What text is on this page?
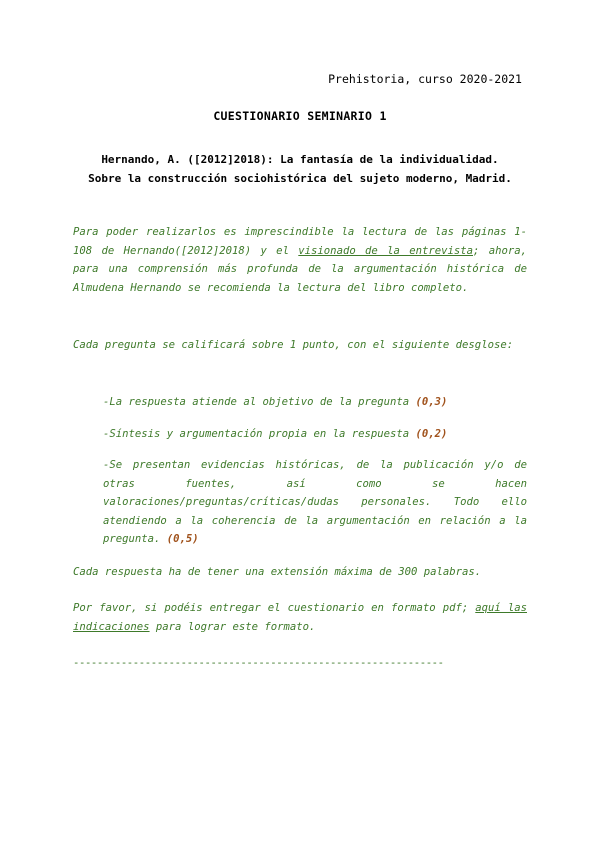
Prehistoria, curso 2020-2021
CUESTIONARIO SEMINARIO 1
Hernando, A. ([2012]2018): La fantasía de la individualidad.
Sobre la construcción sociohistórica del sujeto moderno, Madrid.

Para poder realizarlos es imprescindible la lectura de las páginas 1-108 de Hernando([2012]2018) y el visionado de la entrevista; ahora, para una comprensión más profunda de la argumentación histórica de Almudena Hernando se recomienda la lectura del libro completo.

Cada pregunta se calificará sobre 1 punto, con el siguiente desglose:

-La respuesta atiende al objetivo de la pregunta (0,3)

-Síntesis y argumentación propia en la respuesta (0,2)

-Se presentan evidencias históricas, de la publicación y/o de otras fuentes, así como se hacen valoraciones/preguntas/críticas/dudas personales. Todo ello atendiendo a la coherencia de la argumentación en relación a la pregunta. (0,5)

Cada respuesta ha de tener una extensión máxima de 300 palabras.

Por favor, si podéis entregar el cuestionario en formato pdf; aquí las indicaciones para lograr este formato.

--------------------------------------------------------------
